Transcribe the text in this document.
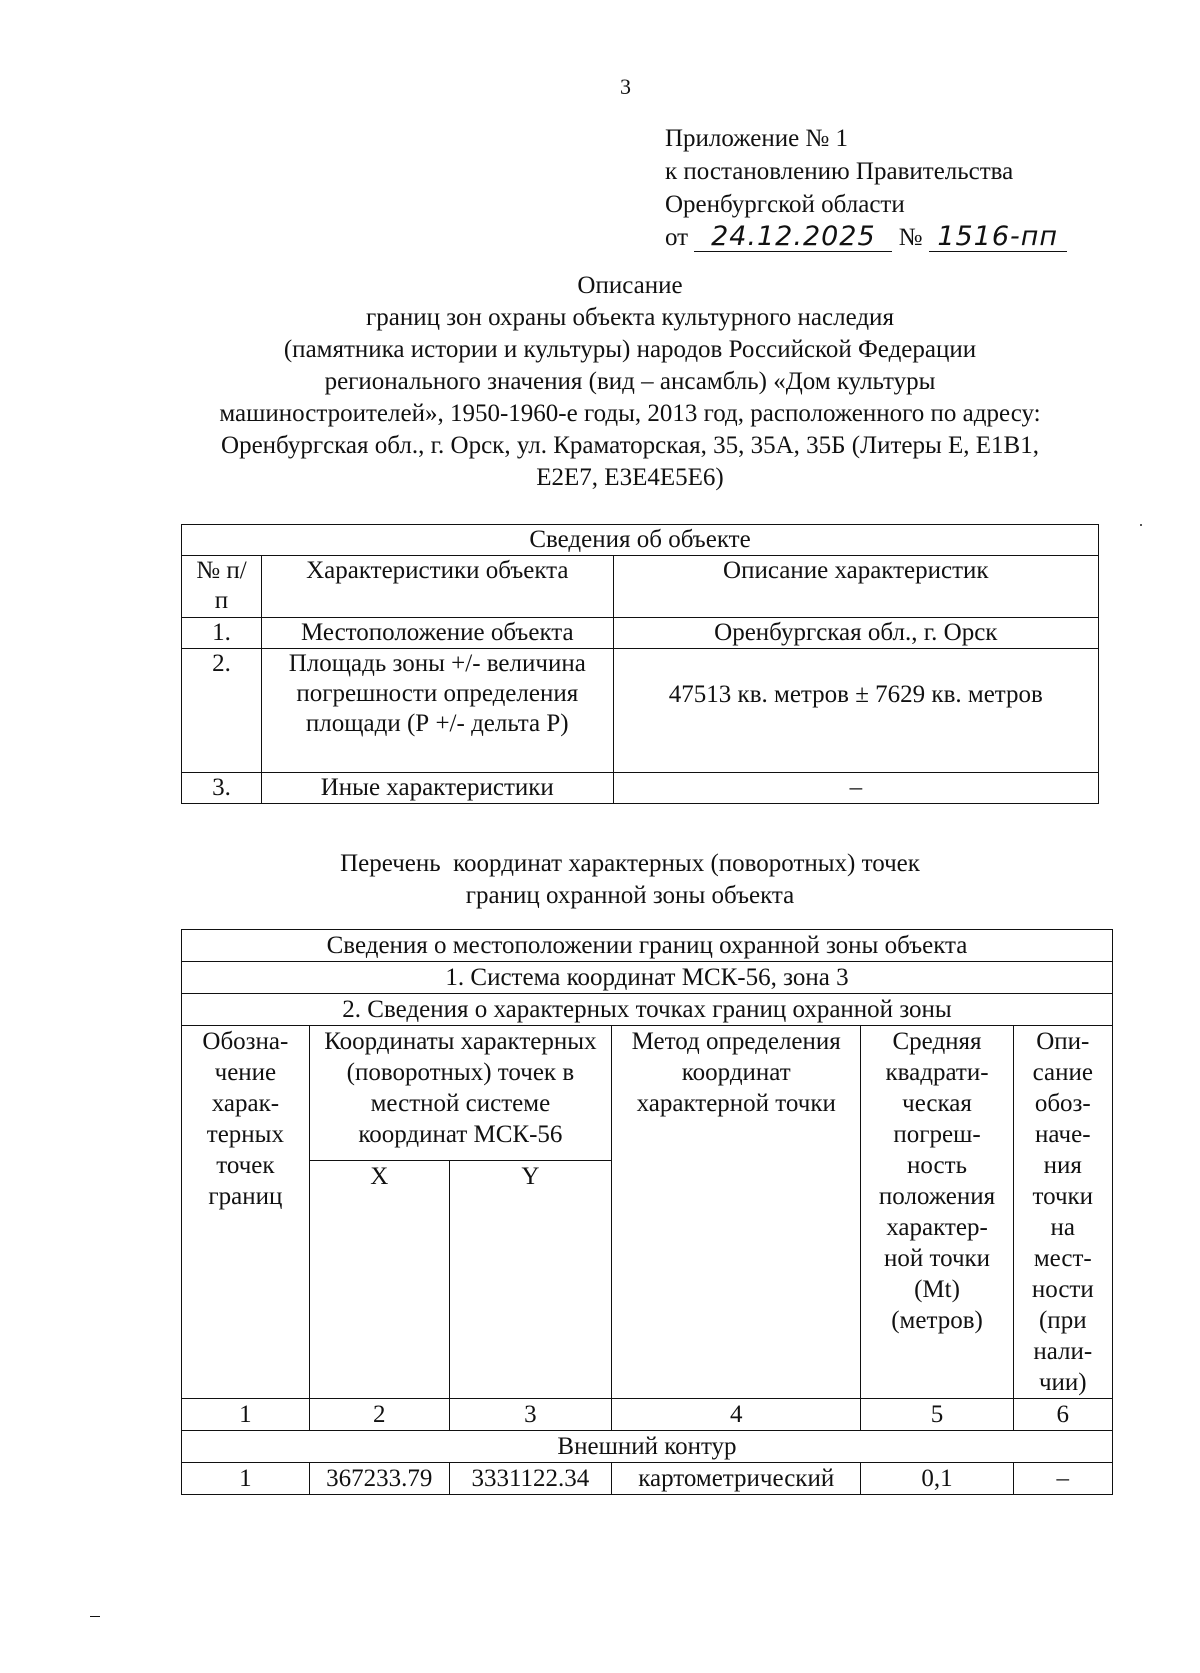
3
Приложение № 1
к постановлению Правительства
Оренбургской области
от 24.12.2025 № 1516-пп
Описание
границ зон охраны объекта культурного наследия
(памятника истории и культуры) народов Российской Федерации
регионального значения (вид – ансамбль) «Дом культуры
машиностроителей», 1950-1960-е годы, 2013 год, расположенного по адресу:
Оренбургская обл., г. Орск, ул. Краматорская, 35, 35А, 35Б (Литеры Е, Е1В1,
Е2Е7, Е3Е4Е5Е6)
Сведения об объекте		
№ п/п	Характеристики объекта	Описание характеристик
1.	Местоположение объекта	Оренбургская обл., г. Орск
2.	Площадь зоны +/- величина погрешности определения площади (Р +/- дельта Р)	47513 кв. метров ± 7629 кв. метров
3.	Иные характеристики	–
Перечень  координат характерных (поворотных) точек
границ охранной зоны объекта
Сведения о местоположении границ охранной зоны объекта					
1. Система координат МСК-56, зона 3					
2. Сведения о характерных точках границ охранной зоны					
Обозна-чение харак-терных точек границ	Координаты характерных (поворотных) точек в местной системе координат МСК-56		Метод определения координат характерной точки	Средняя квадрати-ческая погреш-ность положения характер-ной точки (Mt) (метров)	Опи-сание обоз-наче-ния точки на мест-ности (при нали-чии)
	X	Y			
1	2	3	4	5	6
Внешний контур					
1	367233.79	3331122.34	картометрический	0,1	–
